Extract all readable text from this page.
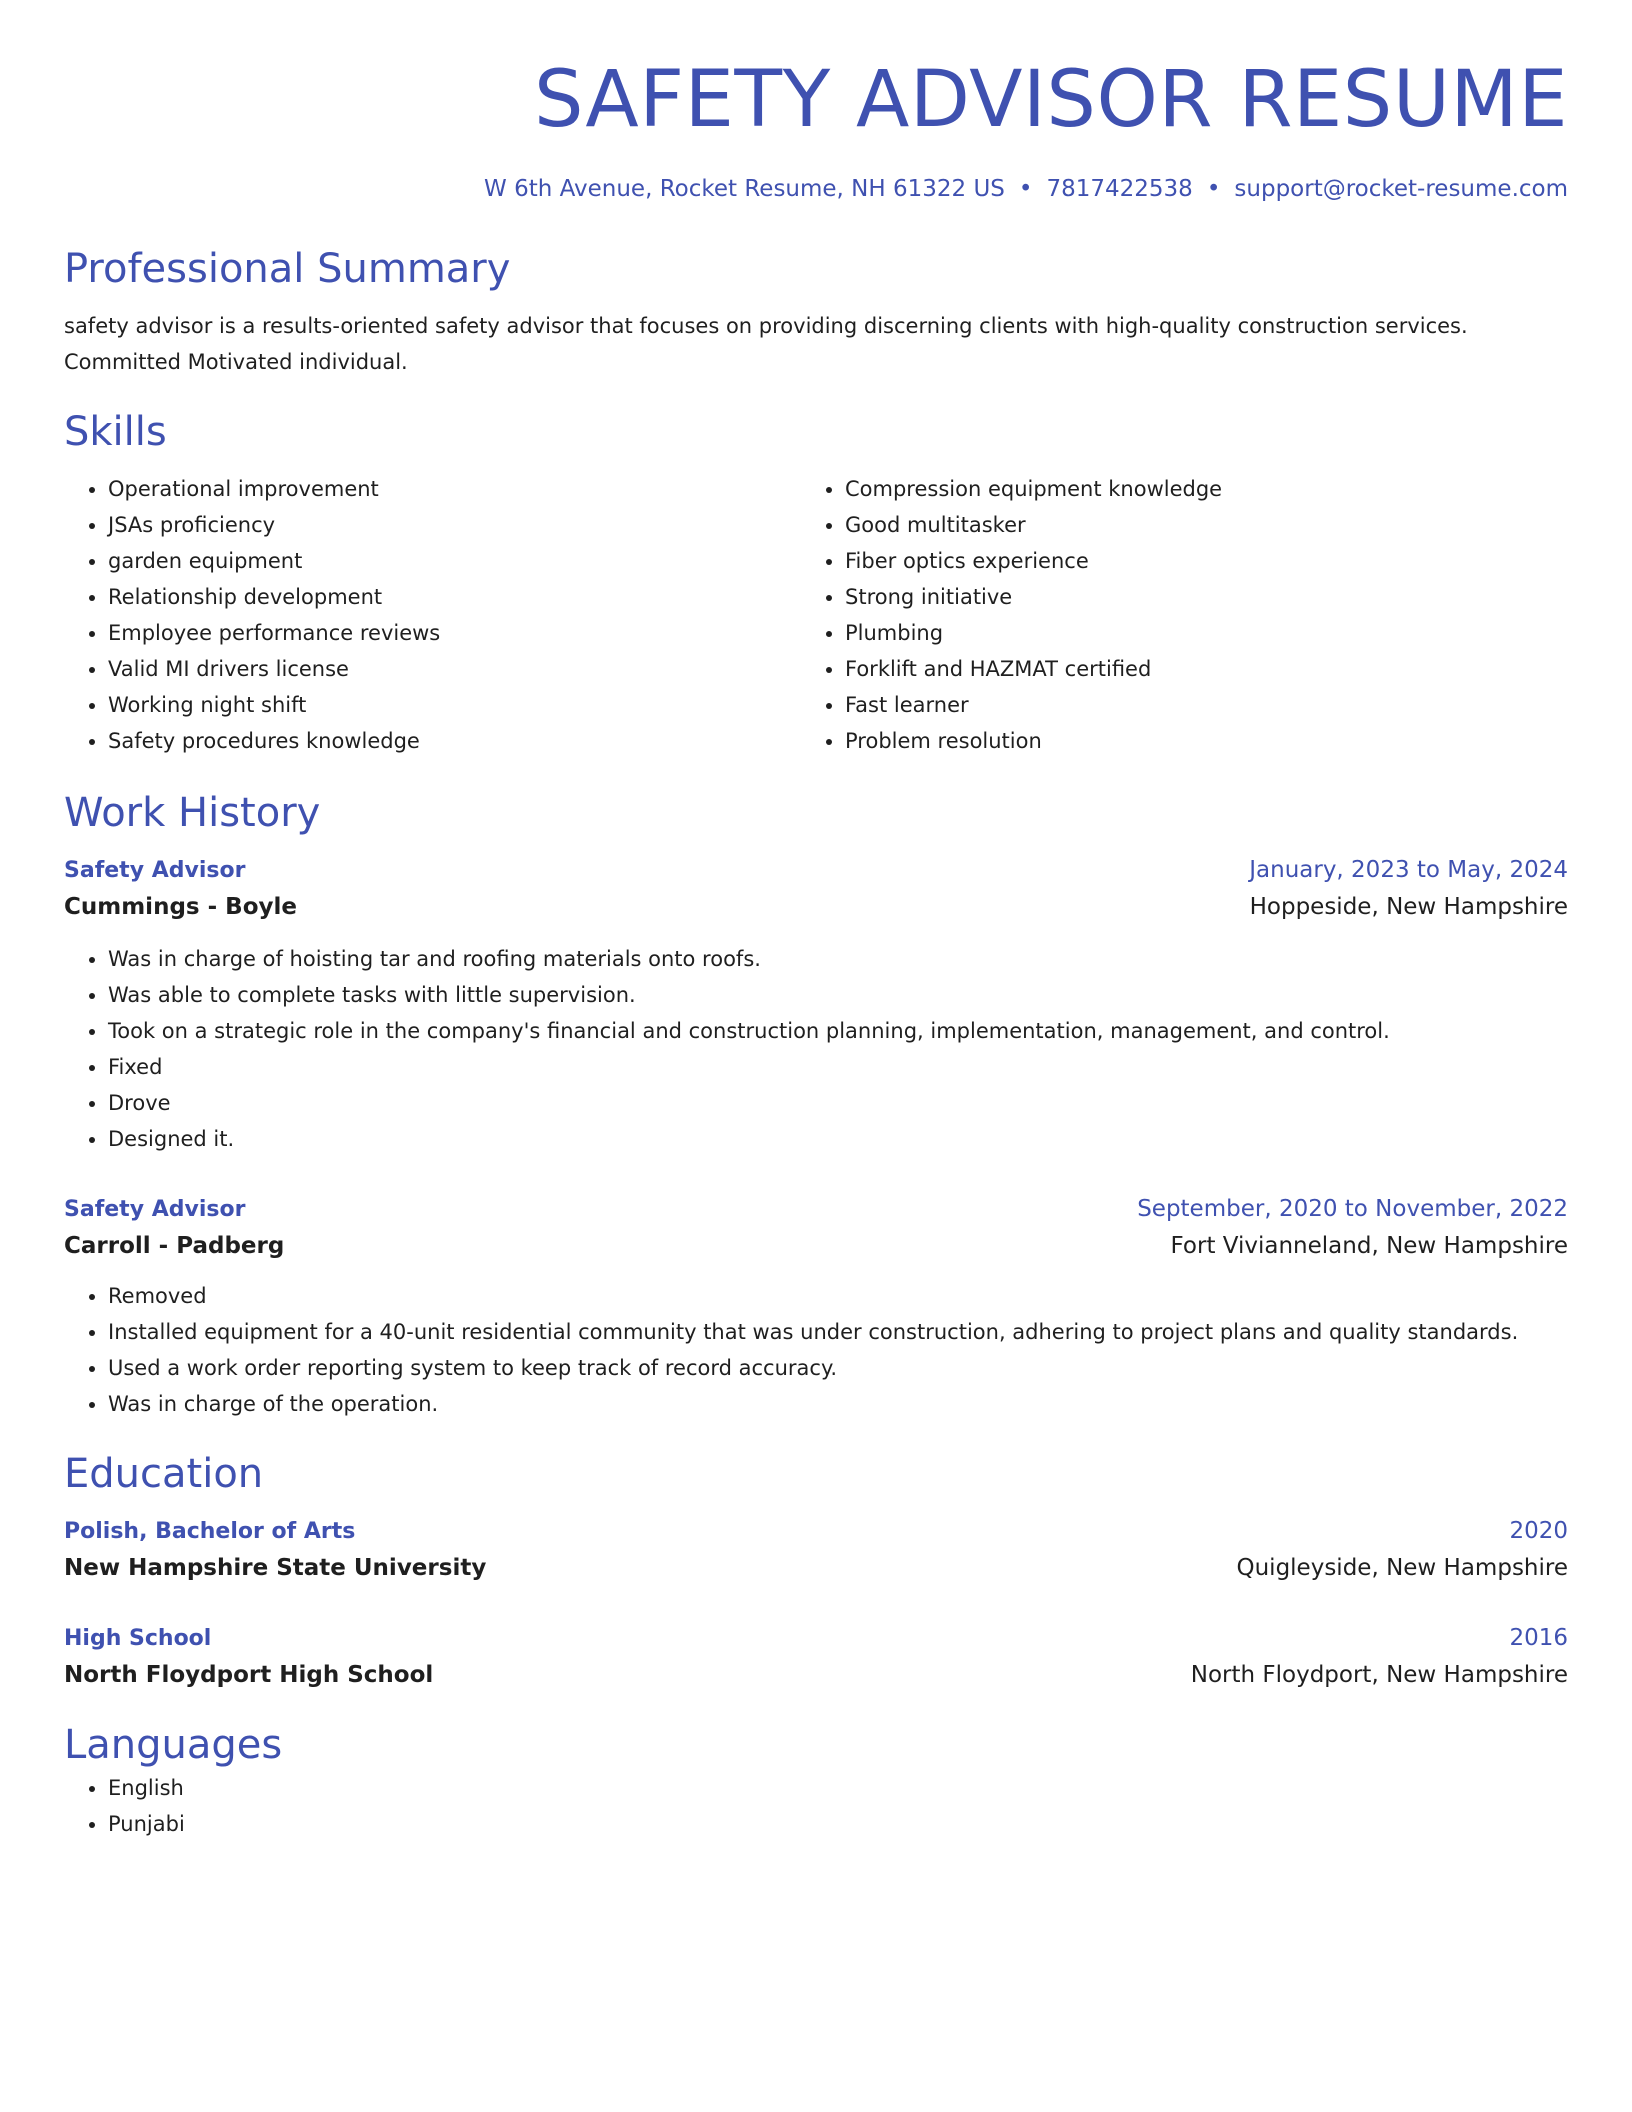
SAFETY ADVISOR RESUME
W 6th Avenue, Rocket Resume, NH 61322 US • 7817422538 • support@rocket-resume.com
Professional Summary
safety advisor is a results-oriented safety advisor that focuses on providing discerning clients with high-quality construction services. Committed Motivated individual.
Skills
• Operational improvement
• JSAs proficiency
• garden equipment
• Relationship development
• Employee performance reviews
• Valid MI drivers license
• Working night shift
• Safety procedures knowledge
• Compression equipment knowledge
• Good multitasker
• Fiber optics experience
• Strong initiative
• Plumbing
• Forklift and HAZMAT certified
• Fast learner
• Problem resolution
Work History
Safety Advisor	January, 2023 to May, 2024
Cummings - Boyle	Hoppeside, New Hampshire
• Was in charge of hoisting tar and roofing materials onto roofs.
• Was able to complete tasks with little supervision.
• Took on a strategic role in the company's financial and construction planning, implementation, management, and control.
• Fixed
• Drove
• Designed it.
Safety Advisor	September, 2020 to November, 2022
Carroll - Padberg	Fort Vivianneland, New Hampshire
• Removed
• Installed equipment for a 40-unit residential community that was under construction, adhering to project plans and quality standards.
• Used a work order reporting system to keep track of record accuracy.
• Was in charge of the operation.
Education
Polish, Bachelor of Arts	2020
New Hampshire State University	Quigleyside, New Hampshire
High School	2016
North Floydport High School	North Floydport, New Hampshire
Languages
• English
• Punjabi
